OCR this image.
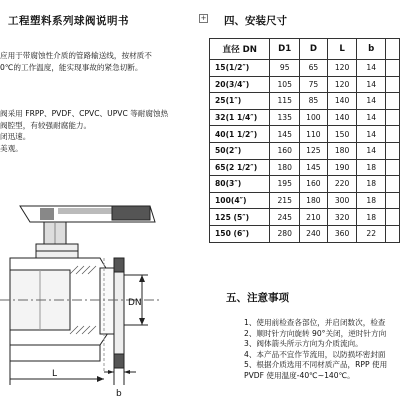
工程塑料系列球阀说明书
应用于带腐蚀性介质的管路输送线，按材质不
0℃的工作温度，能实现事故的紧急切断。
阀采用 FRPP、PVDF、CPVC、UPVC 等耐腐蚀热
阀腔型，有较强耐腐能力。
闭迅速。
美观。
DN
L
b
+ 四、安装尺寸
直径 DN	D1	D	L	b	
15(1/2″)	95	65	120	14	
20(3/4″)	105	75	120	14	
25(1″)	115	85	140	14	
32(1 1/4″)	135	100	140	14	
40(1 1/2″)	145	110	150	14	
50(2″)	160	125	180	14	
65(2 1/2″)	180	145	190	18	
80(3″)	195	160	220	18	
100(4″)	215	180	300	18	
125 (5″)	245	210	320	18	
150 (6″)	280	240	360	22	
五、注意事项
1、使用前检查各部位，并启闭数次，检查
2、顺时针方向旋转 90°关闭，逆时针方向
3、阀体箭头所示方向为介质流向。
4、本产品不宜作节流用，以防损坏密封面
5、根据介质选用不同材质产品，RPP 使用
PVDF 使用温度-40℃~140℃。
